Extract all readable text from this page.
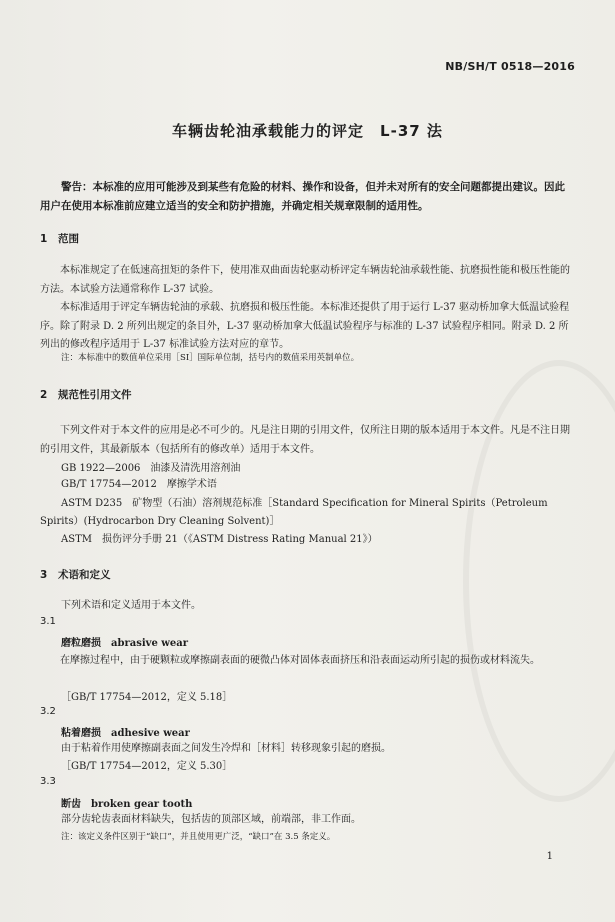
NB/SH/T 0518—2016
车辆齿轮油承载能力的评定　L-37 法

警告：本标准的应用可能涉及到某些有危险的材料、操作和设备，但并未对所有的安全问题都提出建议。因此用户在使用本标准前应建立适当的安全和防护措施，并确定相关规章限制的适用性。

1 范围

本标准规定了在低速高扭矩的条件下，使用准双曲面齿轮驱动桥评定车辆齿轮油承载性能、抗磨损性能和极压性能的方法。本试验方法通常称作 L-37 试验。

本标准适用于评定车辆齿轮油的承载、抗磨损和极压性能。本标准还提供了用于运行 L-37 驱动桥加拿大低温试验程序。除了附录 D. 2 所列出规定的条目外，L-37 驱动桥加拿大低温试验程序与标准的 L-37 试验程序相同。附录 D. 2 所列出的修改程序适用于 L-37 标准试验方法对应的章节。

注：本标准中的数值单位采用［SI］国际单位制，括号内的数值采用英制单位。
2 规范性引用文件

下列文件对于本文件的应用是必不可少的。凡是注日期的引用文件，仅所注日期的版本适用于本文件。凡是不注日期的引用文件，其最新版本（包括所有的修改单）适用于本文件。

GB 1922—2006　油漆及清洗用溶剂油
GB/T 17754—2012　摩擦学术语
ASTM D235　矿物型（石油）溶剂规范标准［Standard Specification for Mineral Spirits（Petroleum
Spirits）(Hydrocarbon Dry Cleaning Solvent)］
ASTM　损伤评分手册 21（《ASTM Distress Rating Manual 21》）
3 术语和定义
下列术语和定义适用于本文件。
3.1
磨粒磨损 abrasive wear

在摩擦过程中，由于硬颗粒或摩擦副表面的硬微凸体对固体表面挤压和沿表面运动所引起的损伤或材料流失。

［GB/T 17754—2012，定义 5.18］
3.2
粘着磨损 adhesive wear
由于粘着作用使摩擦副表面之间发生冷焊和［材料］转移现象引起的磨损。
［GB/T 17754—2012，定义 5.30］
3.3
断齿 broken gear tooth
部分齿轮齿表面材料缺失，包括齿的顶部区域，前端部，非工作面。
注：该定义条件区别于“缺口”，并且使用更广泛，“缺口”在 3.5 条定义。
1
